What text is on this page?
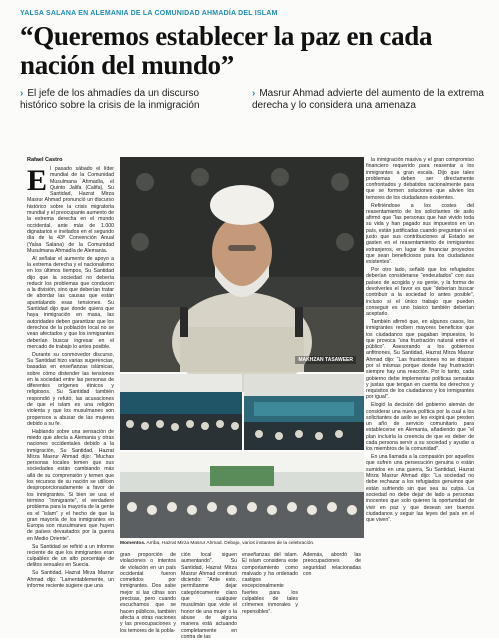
YALSA SALANA EN ALEMANIA DE LA COMUNIDAD AHMADÍA DEL ISLAM
“Queremos establecer la paz en cada nación del mundo”
› El jefe de los ahmadíes da un discurso histórico sobre la crisis de la inmigración
› Masrur Ahmad advierte del aumento de la extrema derecha y lo considera una amenaza
Rafael Castro

El pasado sábado el líder mundial de la Comunidad Musulmana Ahmadía, el Quinto Jalifa (Califa), Su Santidad, Hazrat Mirza Masrur Ahmad pronunció un discurso histórico sobre la crisis migratoria mundial y el preocupante aumento de la extrema derecha en el mundo occidental, ante más de 1.000 dignatarios e invitados en el segundo día de la 43ª Convención Anual (Yalsa Salana) de la Comunidad Musulmana Ahmadía de Alemania.

Al señalar el aumento de apoyo a la extrema derecha y el nacionalismo en los últimos tiempos, Su Santidad dijo que la sociedad no debería reducir los problemas que conducen a la división, sino que deberían tratar de abordar las causas que están apuntalando esas tensiones. Su Santidad dijo que donde quiera que haya inmigración en masa, las autoridades deben garantizar que los derechos de la población local no se vean afectados y que los inmigrantes deberían buscar ingresar en el mercado de trabajo lo antes posible.

Durante su conmovedor discurso, Su Santidad hizo varias sugerencias, basadas en enseñanzas islámicas, sobre cómo distender las tensiones en la sociedad entre las personas de diferentes orígenes étnicos y religiosos. Su Santidad también respondió y refutó, las acusaciones de que el islam es una religión violenta y que los musulmanes son propensos a abusar de las mujeres debido a su fe.

Hablando sobre una sensación de miedo que afecta a Alemania y otras naciones occidentales debido a la inmigración, Su Santidad, Hazrat Mirza Masrur Ahmad dijo: “Muchas personas locales temen que sus sociedades están cambiando más allá de su comprensión y temen que los recursos de su nación se utilicen desproporcionadamente a favor de los inmigrantes. Si bien se usa el término “inmigrante”, el verdadero problema para la mayoría de la gente es el “islam” y el hecho de que la gran mayoría de los inmigrantes en Europa son musulmanes que huyen de países devastados por la guerra en Medio Oriente”.

Su Santidad se refirió a un informe reciente de que los inmigrantes eran culpables de un alto porcentaje de delitos sexuales en Suecia.

Su Santidad, Hazrat Mirza Masrur Ahmad dijo: “Lamentablemente, un informe reciente sugiere que una

MAKHZAN TASAWEER
Momentos. Arriba, Hazrat Mirza Masrur Ahmad. Debajo, varios instantes de la celebración.
gran proporción de violaciones o intentos de violación en un país occidental fueron cometidos por inmigrantes. Dos sabe mejor si las cifras son precisas, pero cuando escuchamos que se hacen públicos, también afecta a otras naciones y las preocupaciones y los temores de la pobla-
ción local siguen aumentando”. Su Santidad, Hazrat Mirza Masrur Ahmad continuó diciendo: “Ante esto, permítanme dejar categóricamente claro que cualquier musulmán que viole el honor de una mujer o la abuse de alguna manera está actuando completamente en contra de las
enseñanzas del islam. El islam considera este comportamiento como malvado y ha ordenado castigos excepcionalmente fuertes para los culpables de tales crímenes inmorales y repensibles”.
Además, abordó las preocupaciones de seguridad relacionadas con

la inmigración masiva y el gran compromiso financiero requerido para reasentar a los inmigrantes a gran escala. Dijo que tales problemas deben ser directamente confrontados y debatidos racionalmente para que se formen soluciones que alivien los temores de los ciudadanos existentes.

Refiriéndose a los costes del reasentamiento de los solicitantes de asilo afirmó que “las personas que han vivido toda su vida y han pagado sus impuestos en un país, están justificadas cuando preguntan si es justo que sus contribuciones al Estado se gasten en el reasentamiento de inmigrantes extranjeros, en lugar de financiar proyectos que sean beneficiosos para los ciudadanos existentes”.

Por otro lado, señaló que los refugiados deberían considerarse “endeudados” con sus países de acogida y su gente, y la forma de devolverles el favor es que “deberían buscar contribuir a la sociedad lo antes posible”, incluso si el único trabajo que pueden conseguir es uno básico también deberían aceptarlo.

También afirmó que, en algunos casos, los inmigrantes reciben mayores beneficios que los ciudadanos que pagaban impuestos, lo que provoca “una frustración natural entre el público”. Asesorando a los gobiernos anfitriones, Su Santidad, Hazrat Mirza Masrur Ahmad dijo: “Las frustraciones no se disipan por sí mismas porque donde hay frustración siempre hay una reacción. Por lo tanto, cada gobierno debe implementar políticas sensatas y justas que tengan en cuenta los derechos y requisitos de los ciudadanos y los inmigrantes por igual”.

Elogió la decisión del gobierno alemán de considerar una nueva política por la cual a los solicitantes de asilo se les exigirá que presten un año de servicio comunitario para establecerse en Alemania, añadiendo que “el plan incluiría la creencia de que es deber de cada persona servir a su sociedad y ayudar a los miembros de la comunidad”.

En una llamada a la compasión por aquellos que sufren una persecución genuina o están sumidos en una guerra, Su Santidad, Hazrat Mirza Masrur Ahmad dijo: “La sociedad no debe rechazar a los refugiados genuinos que están sufriendo sin que sea su culpa. La sociedad no debe dejar de lado a personas inocentes que solo quieren la oportunidad de vivir en paz y que desean ser buenos ciudadanos y seguir las leyes del país en el que viven”.
